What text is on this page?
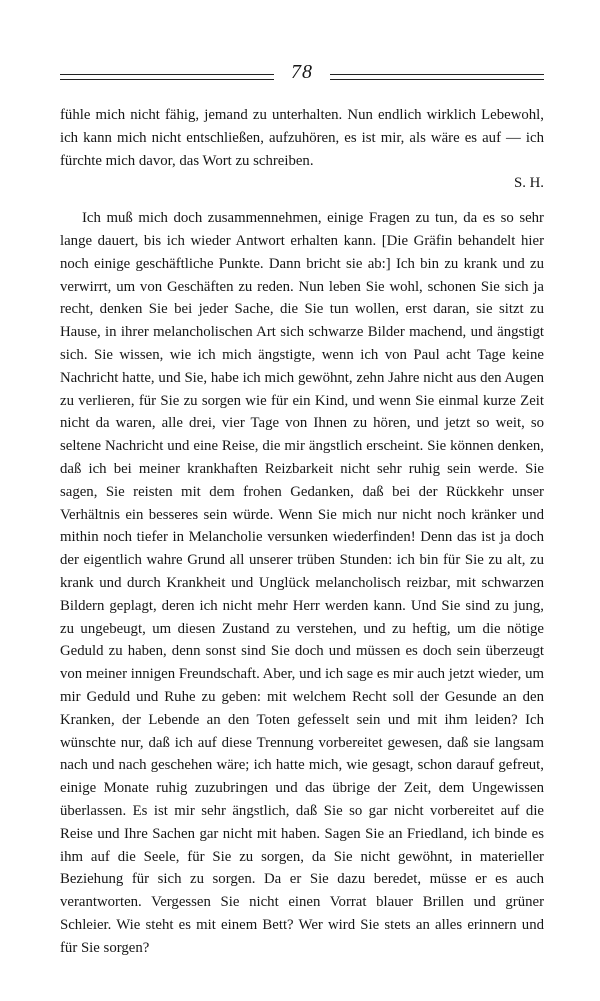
78

fühle mich nicht fähig, jemand zu unterhalten. Nun endlich wirklich Lebewohl, ich kann mich nicht entschließen, aufzuhören, es ist mir, als wäre es auf — ich fürchte mich davor, das Wort zu schreiben.

S. H.

Ich muß mich doch zusammennehmen, einige Fragen zu tun, da es so sehr lange dauert, bis ich wieder Antwort erhalten kann. [Die Gräfin behandelt hier noch einige geschäftliche Punkte. Dann bricht sie ab:] Ich bin zu krank und zu verwirrt, um von Geschäften zu reden. Nun leben Sie wohl, schonen Sie sich ja recht, denken Sie bei jeder Sache, die Sie tun wollen, erst daran, sie sitzt zu Hause, in ihrer melancholischen Art sich schwarze Bilder machend, und ängstigt sich. Sie wissen, wie ich mich ängstigte, wenn ich von Paul acht Tage keine Nachricht hatte, und Sie, habe ich mich gewöhnt, zehn Jahre nicht aus den Augen zu verlieren, für Sie zu sorgen wie für ein Kind, und wenn Sie einmal kurze Zeit nicht da waren, alle drei, vier Tage von Ihnen zu hören, und jetzt so weit, so seltene Nachricht und eine Reise, die mir ängstlich erscheint. Sie können denken, daß ich bei meiner krankhaften Reizbarkeit nicht sehr ruhig sein werde. Sie sagen, Sie reisten mit dem frohen Gedanken, daß bei der Rückkehr unser Verhältnis ein besseres sein würde. Wenn Sie mich nur nicht noch kränker und mithin noch tiefer in Melancholie versunken wiederfinden! Denn das ist ja doch der eigentlich wahre Grund all unserer trüben Stunden: ich bin für Sie zu alt, zu krank und durch Krankheit und Unglück melancholisch reizbar, mit schwarzen Bildern geplagt, deren ich nicht mehr Herr werden kann. Und Sie sind zu jung, zu ungebeugt, um diesen Zustand zu verstehen, und zu heftig, um die nötige Geduld zu haben, denn sonst sind Sie doch und müssen es doch sein überzeugt von meiner innigen Freundschaft. Aber, und ich sage es mir auch jetzt wieder, um mir Geduld und Ruhe zu geben: mit welchem Recht soll der Gesunde an den Kranken, der Lebende an den Toten gefesselt sein und mit ihm leiden? Ich wünschte nur, daß ich auf diese Trennung vorbereitet gewesen, daß sie langsam nach und nach geschehen wäre; ich hatte mich, wie gesagt, schon darauf gefreut, einige Monate ruhig zuzubringen und das übrige der Zeit, dem Ungewissen überlassen. Es ist mir sehr ängstlich, daß Sie so gar nicht vorbereitet auf die Reise und Ihre Sachen gar nicht mit haben. Sagen Sie an Friedland, ich binde es ihm auf die Seele, für Sie zu sorgen, da Sie nicht gewöhnt, in materieller Beziehung für sich zu sorgen. Da er Sie dazu beredet, müsse er es auch verantworten. Vergessen Sie nicht einen Vorrat blauer Brillen und grüner Schleier. Wie steht es mit einem Bett? Wer wird Sie stets an alles erinnern und für Sie sorgen?
